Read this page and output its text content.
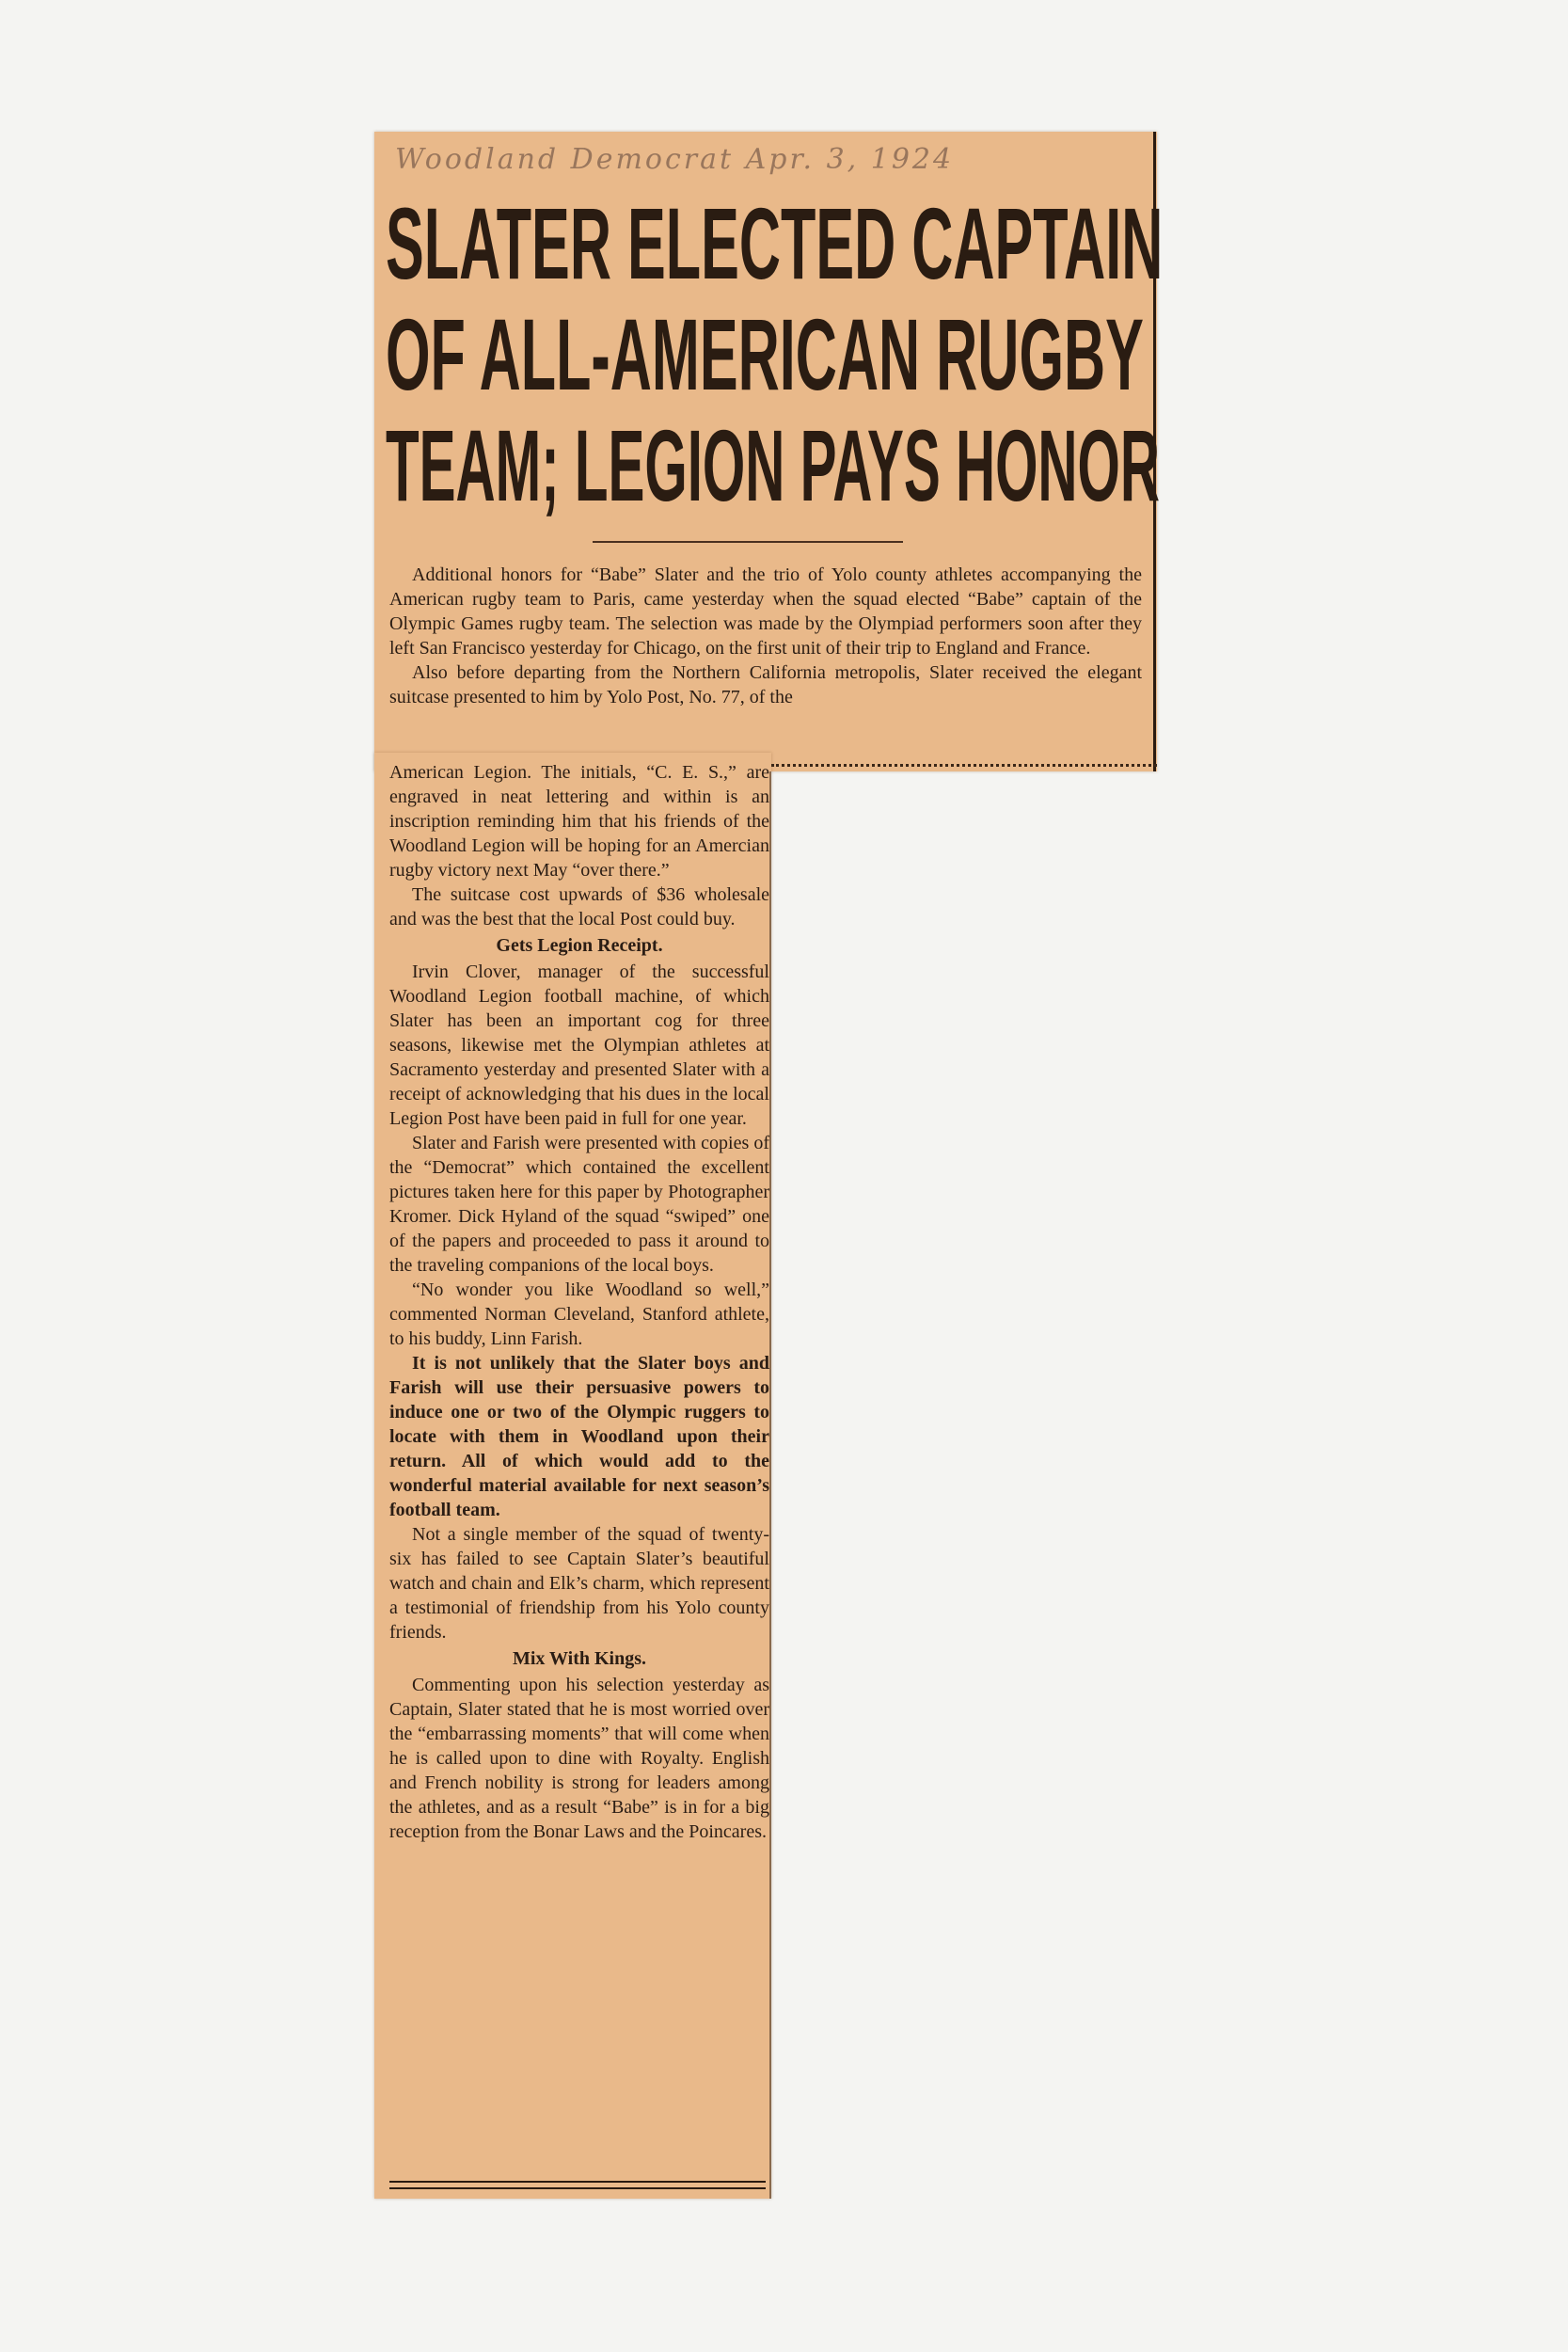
Woodland Democrat Apr. 3, 1924
SLATER ELECTED CAPTAIN
OF ALL-AMERICAN RUGBY
TEAM; LEGION PAYS HONOR

Additional honors for “Babe” Slater and the trio of Yolo county athletes accompanying the American rugby team to Paris, came yesterday when the squad elected “Babe” captain of the Olympic Games rugby team. The selection was made by the Olympiad performers soon after they left San Francisco yesterday for Chicago, on the first unit of their trip to England and France.

Also before departing from the Northern California metropolis, Slater received the elegant suitcase presented to him by Yolo Post, No. 77, of the

American Legion. The initials, “C. E. S.,” are engraved in neat lettering and within is an inscription reminding him that his friends of the Woodland Legion will be hoping for an Amercian rugby victory next May “over there.”

The suitcase cost upwards of $36 wholesale and was the best that the local Post could buy.

Gets Legion Receipt.

Irvin Clover, manager of the successful Woodland Legion football machine, of which Slater has been an important cog for three seasons, likewise met the Olympian athletes at Sacramento yesterday and presented Slater with a receipt of acknowledging that his dues in the local Legion Post have been paid in full for one year.

Slater and Farish were presented with copies of the “Democrat” which contained the excellent pictures taken here for this paper by Photographer Kromer. Dick Hyland of the squad “swiped” one of the papers and proceeded to pass it around to the traveling companions of the local boys.

“No wonder you like Woodland so well,” commented Norman Cleveland, Stanford athlete, to his buddy, Linn Farish.

It is not unlikely that the Slater boys and Farish will use their persuasive powers to induce one or two of the Olympic ruggers to locate with them in Woodland upon their return. All of which would add to the wonderful material available for next season’s football team.

Not a single member of the squad of twenty-six has failed to see Captain Slater’s beautiful watch and chain and Elk’s charm, which represent a testimonial of friendship from his Yolo county friends.

Mix With Kings.

Commenting upon his selection yesterday as Captain, Slater stated that he is most worried over the “embarrassing moments” that will come when he is called upon to dine with Royalty. English and French nobility is strong for leaders among the athletes, and as a result “Babe” is in for a big reception from the Bonar Laws and the Poincares.
